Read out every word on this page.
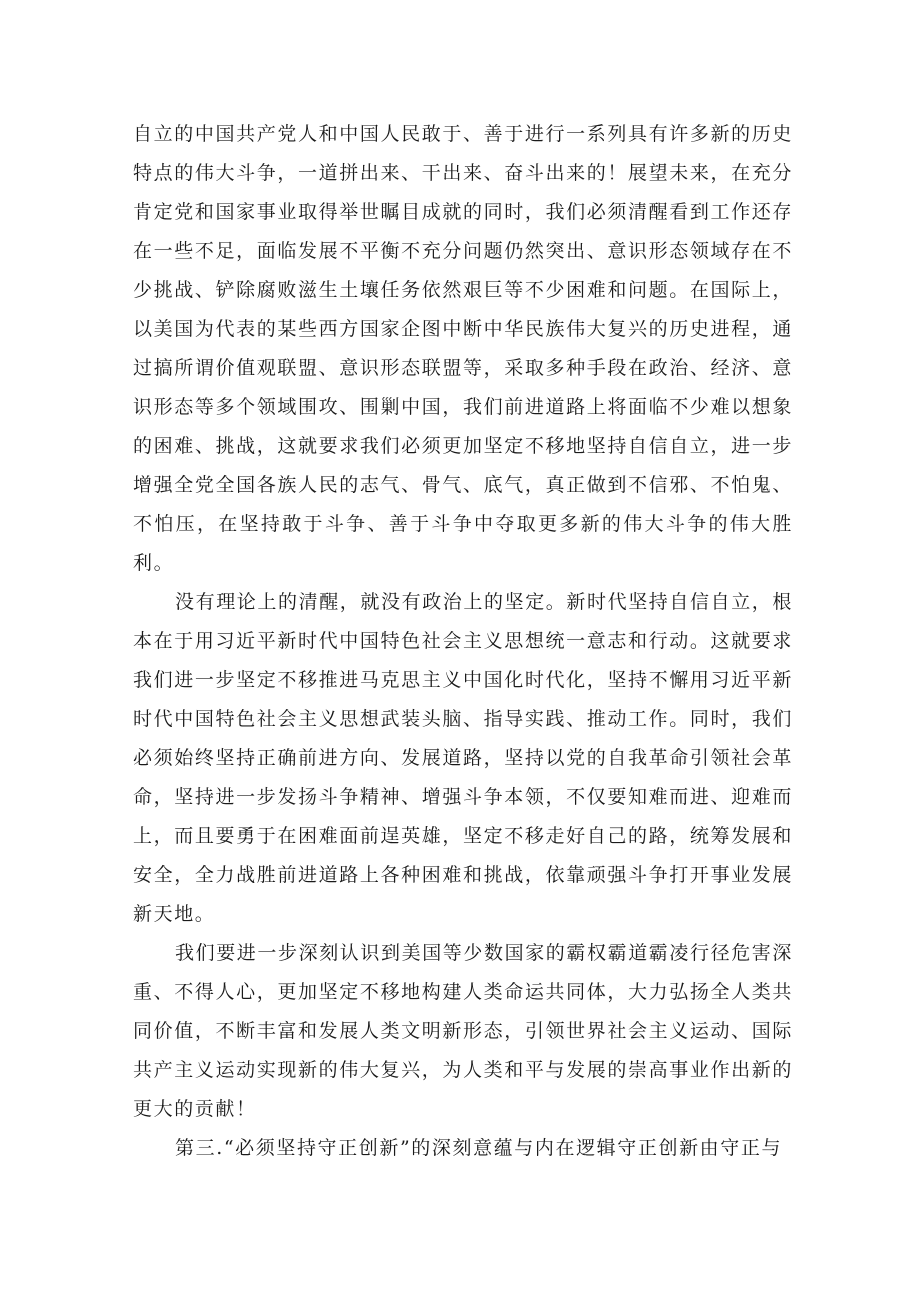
自立的中国共产党人和中国人民敢于、善于进行一系列具有许多新的历史特点的伟大斗争，一道拼出来、干出来、奋斗出来的！展望未来，在充分肯定党和国家事业取得举世瞩目成就的同时，我们必须清醒看到工作还存在一些不足，面临发展不平衡不充分问题仍然突出、意识形态领域存在不少挑战、铲除腐败滋生土壤任务依然艰巨等不少困难和问题。在国际上，以美国为代表的某些西方国家企图中断中华民族伟大复兴的历史进程，通过搞所谓价值观联盟、意识形态联盟等，采取多种手段在政治、经济、意识形态等多个领域围攻、围剿中国，我们前进道路上将面临不少难以想象的困难、挑战，这就要求我们必须更加坚定不移地坚持自信自立，进一步增强全党全国各族人民的志气、骨气、底气，真正做到不信邪、不怕鬼、不怕压，在坚持敢于斗争、善于斗争中夺取更多新的伟大斗争的伟大胜利。

没有理论上的清醒，就没有政治上的坚定。新时代坚持自信自立，根本在于用习近平新时代中国特色社会主义思想统一意志和行动。这就要求我们进一步坚定不移推进马克思主义中国化时代化，坚持不懈用习近平新时代中国特色社会主义思想武装头脑、指导实践、推动工作。同时，我们必须始终坚持正确前进方向、发展道路，坚持以党的自我革命引领社会革命，坚持进一步发扬斗争精神、增强斗争本领，不仅要知难而进、迎难而上，而且要勇于在困难面前逞英雄，坚定不移走好自己的路，统筹发展和安全，全力战胜前进道路上各种困难和挑战，依靠顽强斗争打开事业发展新天地。

我们要进一步深刻认识到美国等少数国家的霸权霸道霸凌行径危害深重、不得人心，更加坚定不移地构建人类命运共同体，大力弘扬全人类共同价值，不断丰富和发展人类文明新形态，引领世界社会主义运动、国际共产主义运动实现新的伟大复兴，为人类和平与发展的崇高事业作出新的更大的贡献！

第三.“必须坚持守正创新”的深刻意蕴与内在逻辑守正创新由守正与
